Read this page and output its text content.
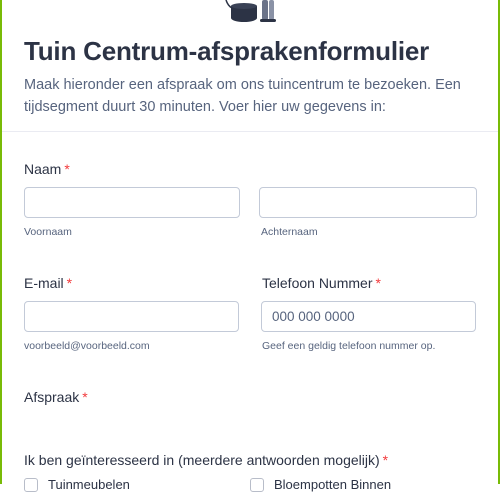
Tuin Centrum-afsprakenformulier
Maak hieronder een afspraak om ons tuincentrum te bezoeken. Een tijdsegment duurt 30 minuten. Voer hier uw gegevens in:
Naam *
Voornaam	Achternaam
E-mail *
voorbeeld@voorbeeld.com
Telefoon Nummer *
000 000 0000
Geef een geldig telefoon nummer op.
Afspraak *
Ik ben geïnteresseerd in (meerdere antwoorden mogelijk) *
Tuinmeubelen	Bloempotten Binnen
